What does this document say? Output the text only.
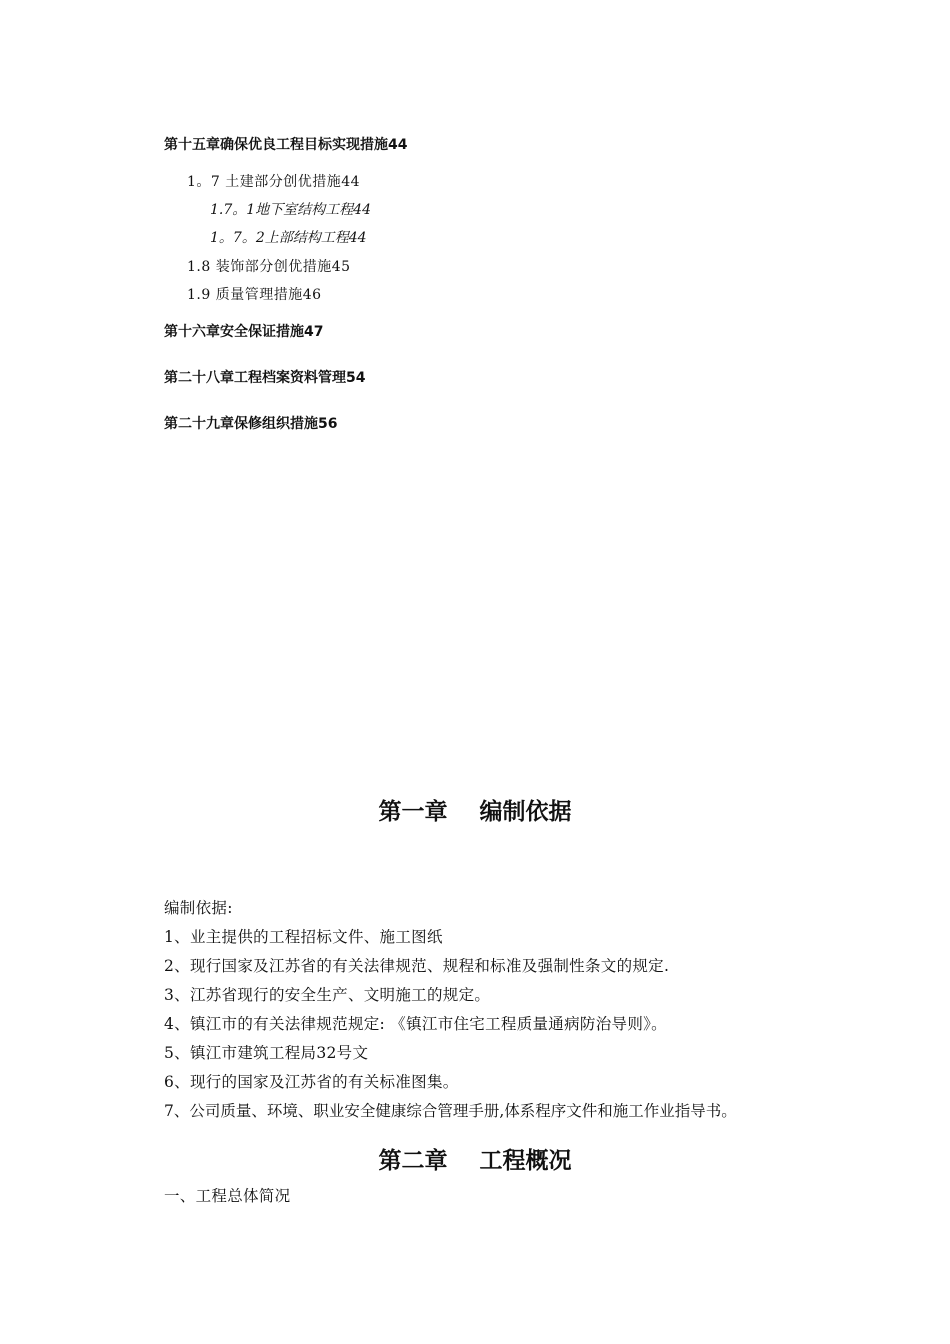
第十五章确保优良工程目标实现措施44
1。7 土建部分创优措施44
1.7。1地下室结构工程44
1。7。2上部结构工程44
1.8 装饰部分创优措施45
1.9 质量管理措施46
第十六章安全保证措施47
第二十八章工程档案资料管理54
第二十九章保修组织措施56
第一章    编制依据
编制依据:
1、业主提供的工程招标文件、施工图纸
2、现行国家及江苏省的有关法律规范、规程和标准及强制性条文的规定.
3、江苏省现行的安全生产、文明施工的规定。
4、镇江市的有关法律规范规定: 《镇江市住宅工程质量通病防治导则》。
5、镇江市建筑工程局32号文
6、现行的国家及江苏省的有关标准图集。
7、公司质量、环境、职业安全健康综合管理手册,体系程序文件和施工作业指导书。
第二章    工程概况
一、工程总体简况
